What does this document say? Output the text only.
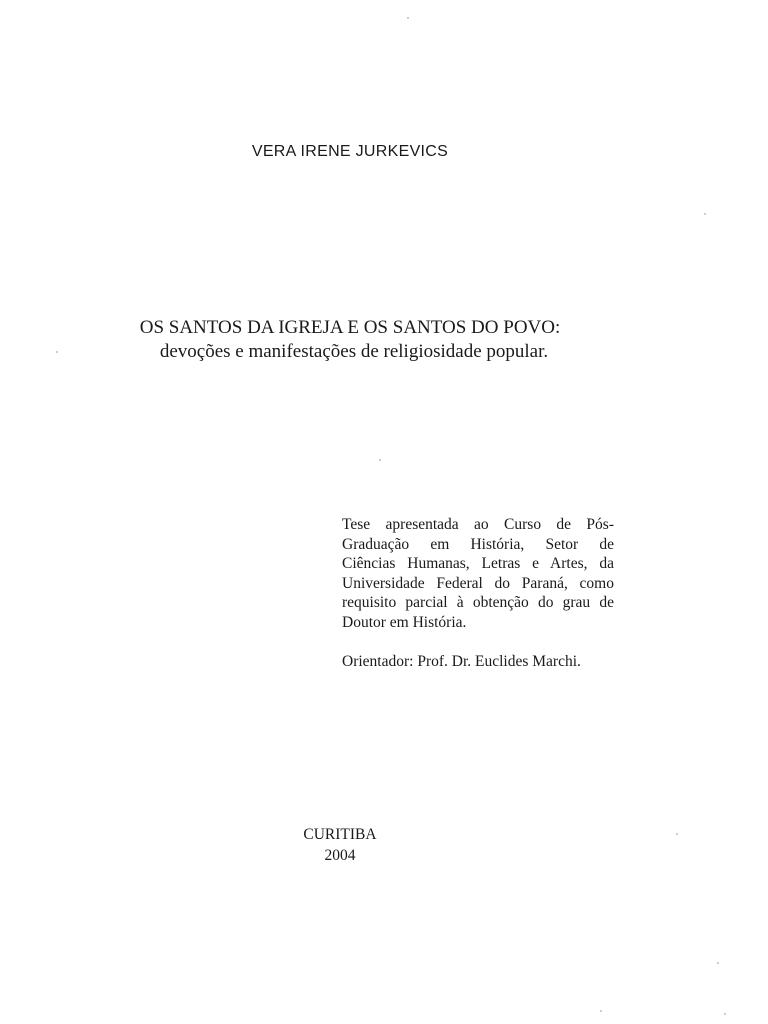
VERA IRENE JURKEVICS
OS SANTOS DA IGREJA E OS SANTOS DO POVO:
devoções e manifestações de religiosidade popular.
Tese apresentada ao Curso de Pós-
Graduação em História, Setor de
Ciências Humanas, Letras e Artes, da
Universidade Federal do Paraná, como
requisito parcial à obtenção do grau de
Doutor em História.
Orientador: Prof. Dr. Euclides Marchi.
CURITIBA
2004
